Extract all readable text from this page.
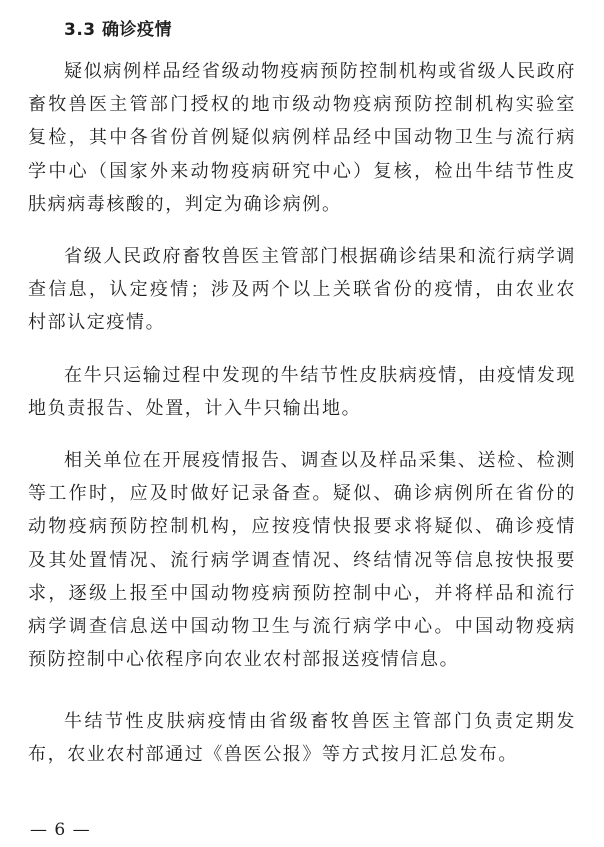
3.3 确诊疫情

疑似病例样品经省级动物疫病预防控制机构或省级人民政府畜牧兽医主管部门授权的地市级动物疫病预防控制机构实验室复检，其中各省份首例疑似病例样品经中国动物卫生与流行病学中心（国家外来动物疫病研究中心）复核，检出牛结节性皮肤病病毒核酸的，判定为确诊病例。

省级人民政府畜牧兽医主管部门根据确诊结果和流行病学调查信息，认定疫情；涉及两个以上关联省份的疫情，由农业农村部认定疫情。

在牛只运输过程中发现的牛结节性皮肤病疫情，由疫情发现地负责报告、处置，计入牛只输出地。

相关单位在开展疫情报告、调查以及样品采集、送检、检测等工作时，应及时做好记录备查。疑似、确诊病例所在省份的动物疫病预防控制机构，应按疫情快报要求将疑似、确诊疫情及其处置情况、流行病学调查情况、终结情况等信息按快报要求，逐级上报至中国动物疫病预防控制中心，并将样品和流行病学调查信息送中国动物卫生与流行病学中心。中国动物疫病预防控制中心依程序向农业农村部报送疫情信息。

牛结节性皮肤病疫情由省级畜牧兽医主管部门负责定期发布，农业农村部通过《兽医公报》等方式按月汇总发布。

— 6 —
